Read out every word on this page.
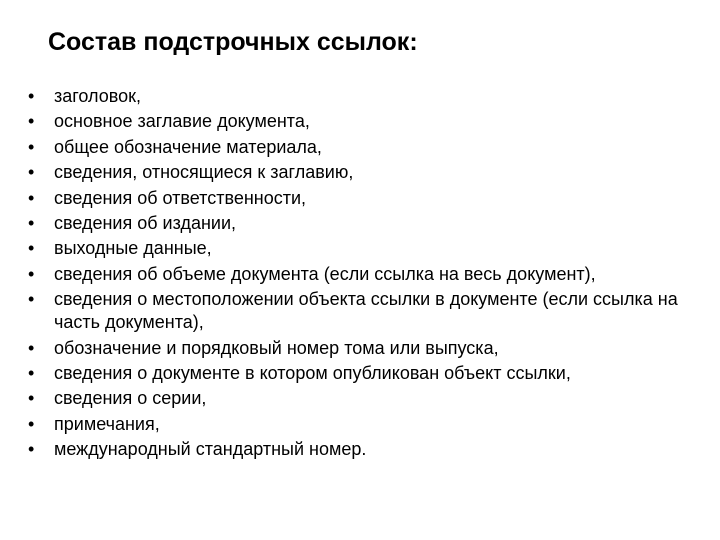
Состав подстрочных ссылок:
• заголовок,
• основное заглавие документа,
• общее обозначение материала,
• сведения, относящиеся к заглавию,
• сведения об ответственности,
• сведения об издании,
• выходные данные,
• сведения об объеме документа (если ссылка на весь документ),
• сведения о местоположении объекта ссылки в документе (если ссылка на часть документа),
• обозначение и порядковый номер тома или выпуска,
• сведения о документе в котором опубликован объект ссылки,
• сведения о серии,
• примечания,
• международный стандартный номер.
